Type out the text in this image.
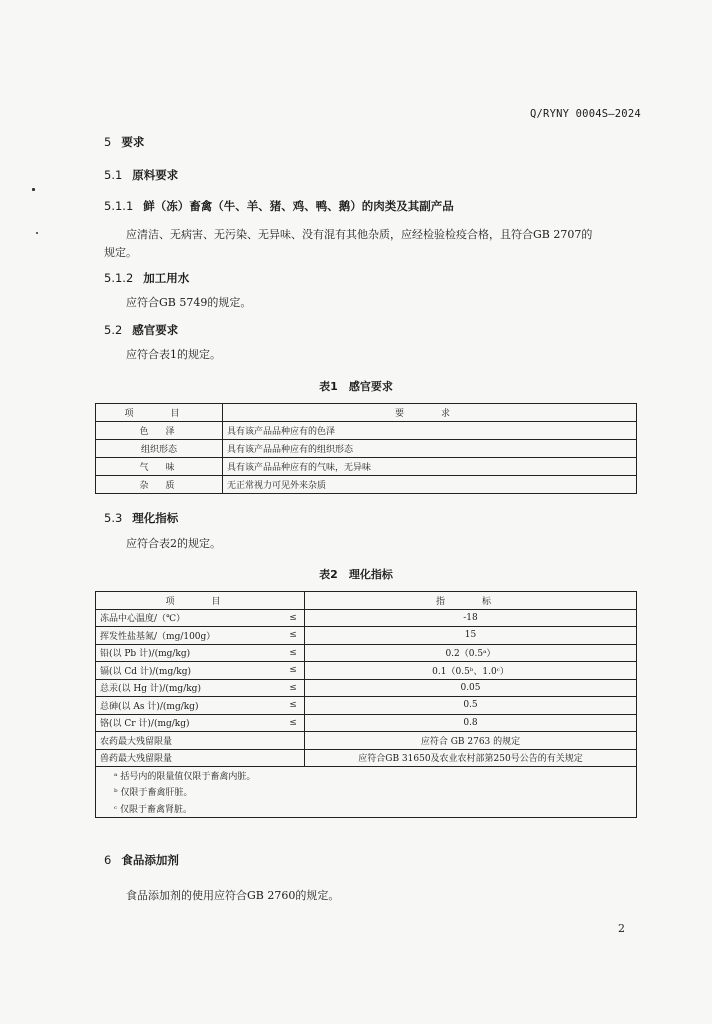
Q/RYNY 0004S—2024
5 要求
5.1 原料要求
5.1.1 鲜（冻）畜禽（牛、羊、猪、鸡、鸭、鹅）的肉类及其副产品
应清洁、无病害、无污染、无异味、没有混有其他杂质，应经检验检疫合格，且符合GB 2707的
规定。
5.1.2 加工用水
应符合GB 5749的规定。
5.2 感官要求
应符合表1的规定。
表1　感官要求
项　目	要　求
色　泽	具有该产品品种应有的色泽
组织形态	具有该产品品种应有的组织形态
气　味	具有该产品品种应有的气味，无异味
杂　质	无正常视力可见外来杂质
5.3 理化指标
应符合表2的规定。
表2　理化指标
项　目		指　标
冻品中心温度/（℃）	≤	-18
挥发性盐基氮/（mg/100g）	≤	15
铅(以 Pb 计)/(mg/kg)	≤	0.2（0.5ᵃ）
镉(以 Cd 计)/(mg/kg)	≤	0.1（0.5ᵇ、1.0ᶜ）
总汞(以 Hg 计)/(mg/kg)	≤	0.05
总砷(以 As 计)/(mg/kg)	≤	0.5
铬(以 Cr 计)/(mg/kg)	≤	0.8
农药最大残留限量		应符合 GB 2763 的规定
兽药最大残留限量		应符合GB 31650及农业农村部第250号公告的有关规定
ᵃ 括号内的限量值仅限于畜禽内脏。		
ᵇ 仅限于畜禽肝脏。		
ᶜ 仅限于畜禽肾脏。		
6 食品添加剂
食品添加剂的使用应符合GB 2760的规定。
2
